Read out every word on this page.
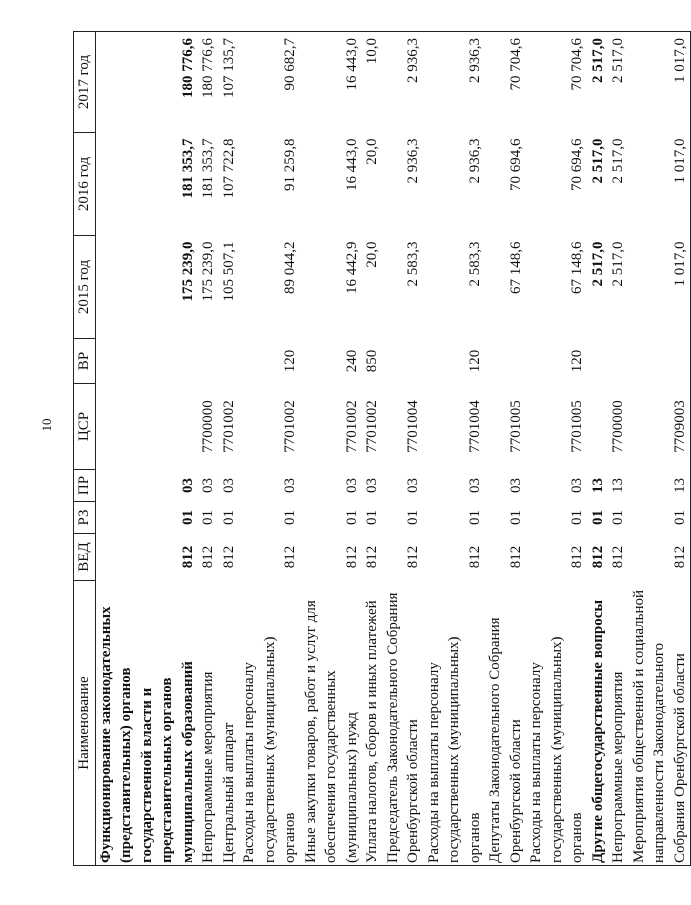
10
Наименование	ВЕД	РЗ	ПР	ЦСР	ВР	2015 год	2016 год	2017 год
Функционирование законодательных (представительных) органов государственной власти и представительных органов муниципальных образований	812	01	03			175 239,0	181 353,7	180 776,6
Непрограммные мероприятия	812	01	03	7700000		175 239,0	181 353,7	180 776,6
Центральный аппарат	812	01	03	7701002		105 507,1	107 722,8	107 135,7
Расходы на выплаты персоналу государственных (муниципальных) органов	812	01	03	7701002	120	89 044,2	91 259,8	90 682,7
Иные закупки товаров, работ и услуг для обеспечения государственных (муниципальных) нужд	812	01	03	7701002	240	16 442,9	16 443,0	16 443,0
Уплата налогов, сборов и иных платежей	812	01	03	7701002	850	20,0	20,0	10,0
Председатель Законодательного Собрания Оренбургской области	812	01	03	7701004		2 583,3	2 936,3	2 936,3
Расходы на выплаты персоналу государственных (муниципальных) органов	812	01	03	7701004	120	2 583,3	2 936,3	2 936,3
Депутаты Законодательного Собрания Оренбургской области	812	01	03	7701005		67 148,6	70 694,6	70 704,6
Расходы на выплаты персоналу государственных (муниципальных) органов	812	01	03	7701005	120	67 148,6	70 694,6	70 704,6
Другие общегосударственные вопросы	812	01	13			2 517,0	2 517,0	2 517,0
Непрограммные мероприятия	812	01	13	7700000		2 517,0	2 517,0	2 517,0
Мероприятия общественной и социальной направленности Законодательного Собрания Оренбургской области	812	01	13	7709003		1 017,0	1 017,0	1 017,0
